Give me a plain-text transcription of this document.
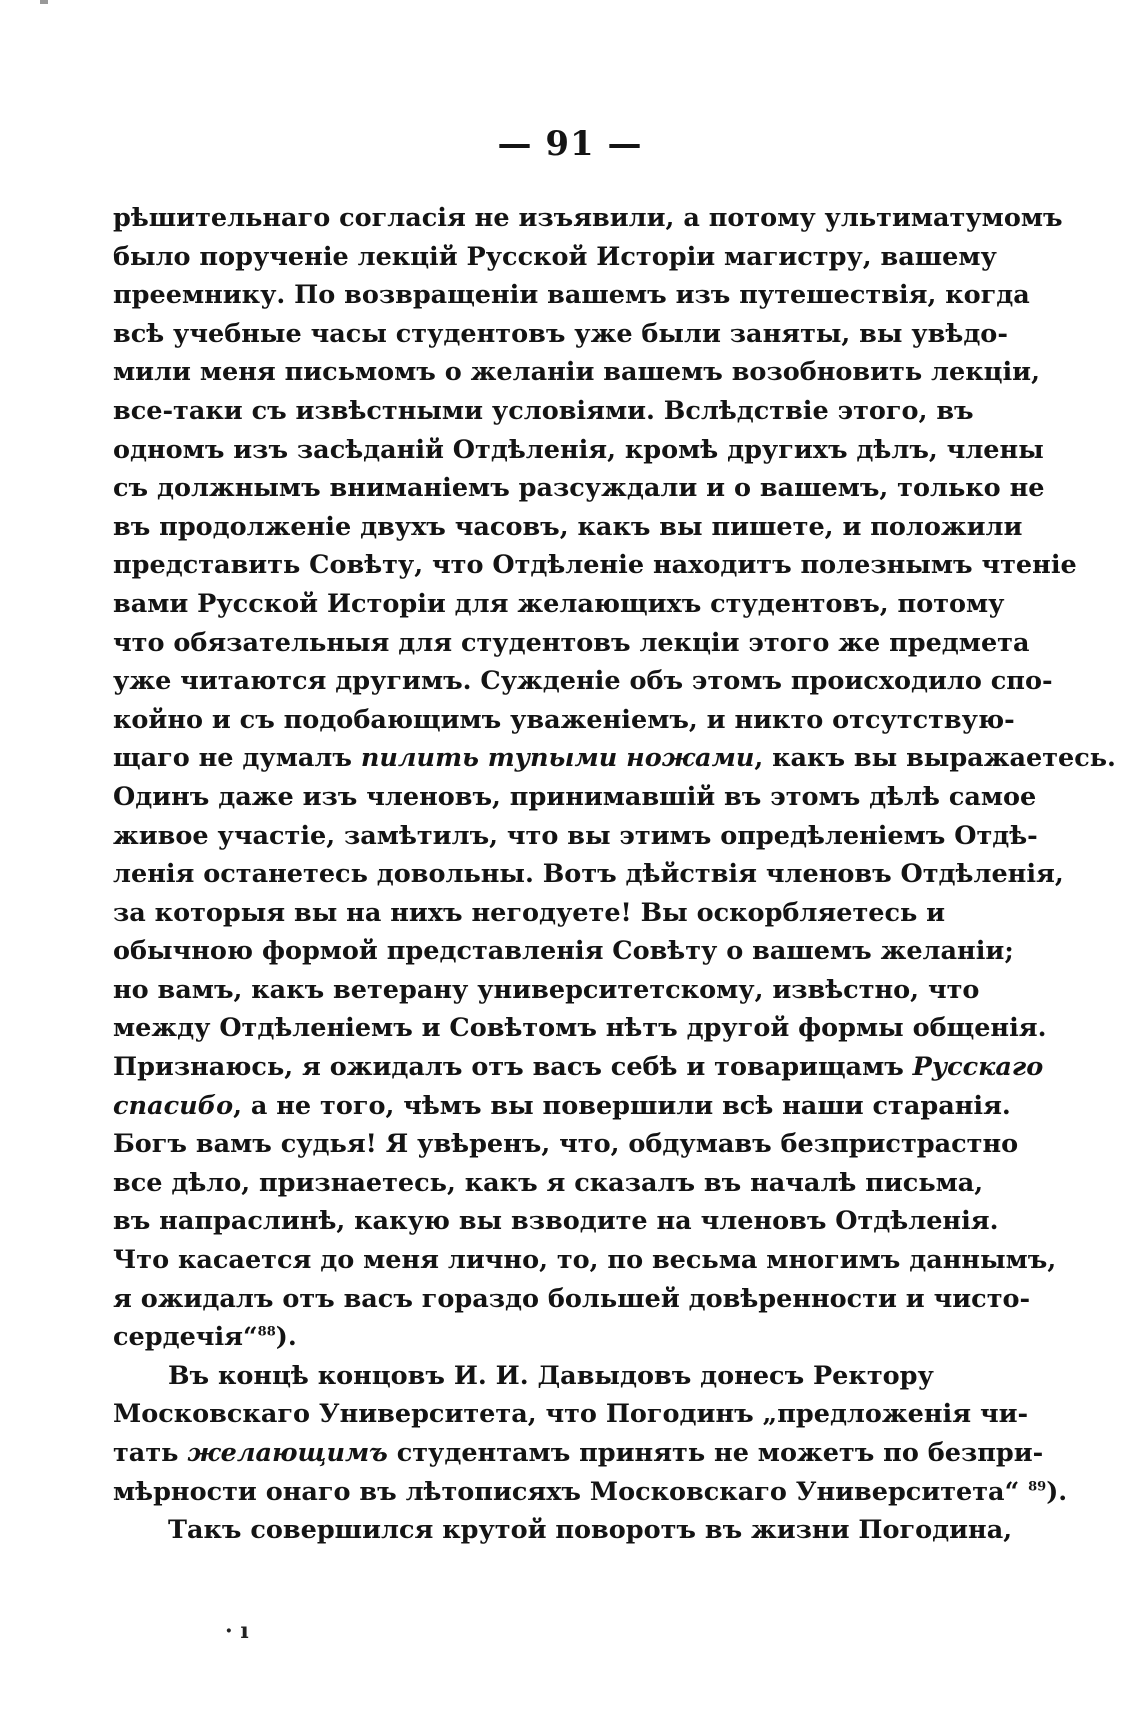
— 91 —
рѣшительнаго согласія не изъявили, а потому ультиматумомъ
было порученіе лекцій Русской Исторіи магистру, вашему
преемнику. По возвращеніи вашемъ изъ путешествія, когда
всѣ учебные часы студентовъ уже были заняты, вы увѣдо-
мили меня письмомъ о желаніи вашемъ возобновить лекціи,
все-таки съ извѣстными условіями. Вслѣдствіе этого, въ
одномъ изъ засѣданій Отдѣленія, кромѣ другихъ дѣлъ, члены
съ должнымъ вниманіемъ разсуждали и о вашемъ, только не
въ продолженіе двухъ часовъ, какъ вы пишете, и положили
представить Совѣту, что Отдѣленіе находитъ полезнымъ чтеніе
вами Русской Исторіи для желающихъ студентовъ, потому
что обязательныя для студентовъ лекціи этого же предмета
уже читаются другимъ. Сужденіе объ этомъ происходило спо-
койно и съ подобающимъ уваженіемъ, и никто отсутствую-
щаго не думалъ пилить тупыми ножами, какъ вы выражаетесь.
Одинъ даже изъ членовъ, принимавшій въ этомъ дѣлѣ самое
живое участіе, замѣтилъ, что вы этимъ опредѣленіемъ Отдѣ-
ленія останетесь довольны. Вотъ дѣйствія членовъ Отдѣленія,
за которыя вы на нихъ негодуете! Вы оскорбляетесь и
обычною формой представленія Совѣту о вашемъ желаніи;
но вамъ, какъ ветерану университетскому, извѣстно, что
между Отдѣленіемъ и Совѣтомъ нѣтъ другой формы общенія.
Признаюсь, я ожидалъ отъ васъ себѣ и товарищамъ Русскаго
спасибо, а не того, чѣмъ вы повершили всѣ наши старанія.
Богъ вамъ судья! Я увѣренъ, что, обдумавъ безпристрастно
все дѣло, признаетесь, какъ я сказалъ въ началѣ письма,
въ напраслинѣ, какую вы взводите на членовъ Отдѣленія.
Что касается до меня лично, то, по весьма многимъ даннымъ,
я ожидалъ отъ васъ гораздо большей довѣренности и чисто-
сердечія“$^{88}$).
Въ концѣ концовъ И. И. Давыдовъ донесъ Ректору
Московскаго Университета, что Погодинъ „предложенія чи-
тать желающимъ студентамъ принять не можетъ по безпри-
мѣрности онаго въ лѣтописяхъ Московскаго Университета“ $^{89}$).
Такъ совершился крутой поворотъ въ жизни Погодина,
· ı
